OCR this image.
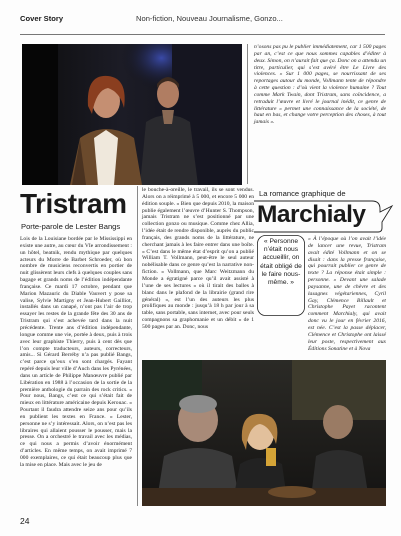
Cover Story	Non-fiction, Nouveau Journalisme, Gonzo...

n’osons pas pu le publier immédiatement, car 1 500 pages par an, c’est ce que nous sommes capables d’éditer à deux. Simon, on n’aurait fait que ça. Donc on a attendu un titre, particulier, qui s’est avéré être Le Livre des violences. » Sur 1 000 pages, se nourrissant de ses reportages autour du monde, Vollmann tente de répondre à cette question : d’où vient la violence humaine ? Tout comme Mark Twain, dont Tristram, sans coïncidence, a retraduit l’œuvre et livré le journal inédit, ce genre de littérature « permet une connaissance de la société, de haut en bas, et change votre perception des choses, à tout jamais ».

Tristram
Porte-parole de Lester Bangs

Lois de la Louisiane bordée par le Mississippi en existe une autre, au cœur du VIe arrondissement : un hôtel, beatnik, rendu mythique par quelques acteurs du Morre de Barbet Schroeder, où bon nombre de musiciens reconvertis en portier de nuit glissèrent leurs clefs à quelques couples sans bagage et grands noms de l’édition indépendante française. Ce mardi 17 octobre, pendant que Marion Mazauric du Diable Vauvert y pose sa valise, Sylvie Martigny et Jean-Hubert Gailliot, installés dans un canapé, n’ont pas l’air de trop essayer les restes de la grande fête des 30 ans de Tristram qui s’est achevée tard dans la nuit précédente. Trente ans d’édition indépendante, longue comme une vie, portée à deux, puis à trois avec leur graphiste Thierry, puis à cent dès que l’on compte traducteurs, auteurs, correcteurs, amis... Si Gérard Berréby n’a pas publié Bangs, c’est parce qu’eux s’en sont chargés. Fayant repéré depuis leur ville d’Auch dans les Pyrénées, dans un article de Philippe Manœuvre publié par Libération en 1988 à l’occasion de la sortie de la première anthologie du parrain des rock critics. « Pour nous, Bangs, c’est ce qui s’était fait de mieux en littérature américaine depuis Kerouac. » Pourtant il faudra attendre seize ans pour qu’ils en publient les textes en France. « Lester, personne ne s’y intéressait. Alors, on n’est pas les libraires qui allaient pousser le pousser, mais la presse. On a orchestré le travail avec les médias, ce qui nous a permis d’avoir énormément d’articles. En même temps, on avait imprimé 7 000 exemplaires, ce qui était beaucoup plus que la mise en place. Mais avec le jeu de

le bouche-à-oreille, le travail, ils se sont vendus. Alors on a réimprimé à 5 000, et encore 5 000 en édition souple. » Bien que depuis 2010, la maison publie également l’œuvre d’Hunter S. Thompson, jamais Tristram ne s’est positionné par une collection gonzo ou musique. Comme chez Allia, l’idée était de rendre disponible, auprès du public français, des grands noms de la littérature, ne cherchant jamais à les faire entrer dans une boîte. « C’est dans le même état d’esprit qu’on a publié William T. Vollmann, peut-être le seul auteur nobélisable dans ce genre qu’est la narrative non-fiction. » Vollmann, que Marc Weitzmann du Monde a égratigné parce qu’il avait assisté à l’une de ses lectures « où il tirait des balles à blanc dans le plafond de la librairie (grand rire général) », est l’un des auteurs les plus prolifiques au monde : jusqu’à 18 h par jour à sa table, sans portable, sans internet, avec pour seuls compagnons sa graphomanie et un débit « de 1 500 pages par an. Donc, nous

La romance graphique de
Marchialy
« Personne n’était nous accueillir, on était obligé de le faire nous-même. »

« À l’époque où l’on avait l’idée de lancer une revue, Tristram avait édité Vollmann et on se disait : dans la presse française, qui pourrait publier ce genre de texte ? La réponse était simple : personne. » Devant une salade paysanne, une de chèvre et des lasagnes végétariennes, Cyril Gay, Clémence Billault et Christophe Payet racontent comment Marchialy, qui avait donc vu le jour en février 2016, est née. C’est la passe déplacer, Clémence et Christophe ont laissé leur poste, respectivement aux Éditions Sonatine et à Nova

24
